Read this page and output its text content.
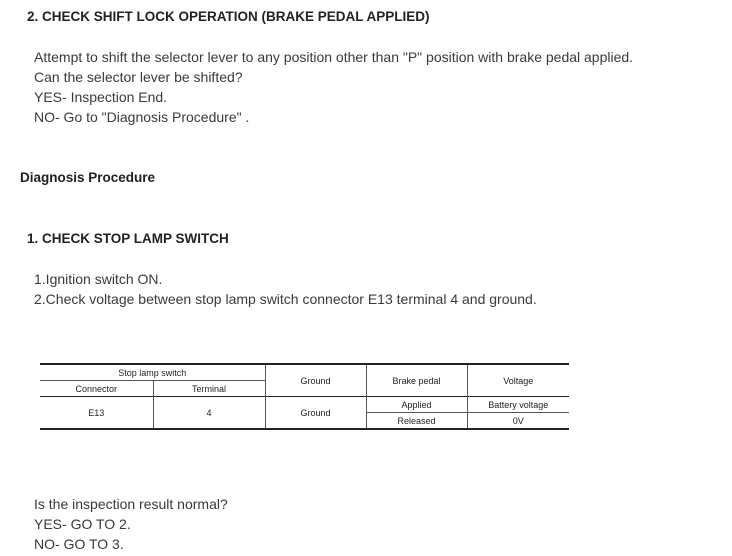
2. CHECK SHIFT LOCK OPERATION (BRAKE PEDAL APPLIED)
Attempt to shift the selector lever to any position other than "P" position with brake pedal applied.
Can the selector lever be shifted?
YES- Inspection End.
NO- Go to "Diagnosis Procedure" .
Diagnosis Procedure
1. CHECK STOP LAMP SWITCH
1.Ignition switch ON.
2.Check voltage between stop lamp switch connector E13 terminal 4 and ground.
Stop lamp switch		Ground	Brake pedal	Voltage
Connector	Terminal			
E13	4	Ground	Applied	Battery voltage
			Released	0V
Is the inspection result normal?
YES- GO TO 2.
NO- GO TO 3.
